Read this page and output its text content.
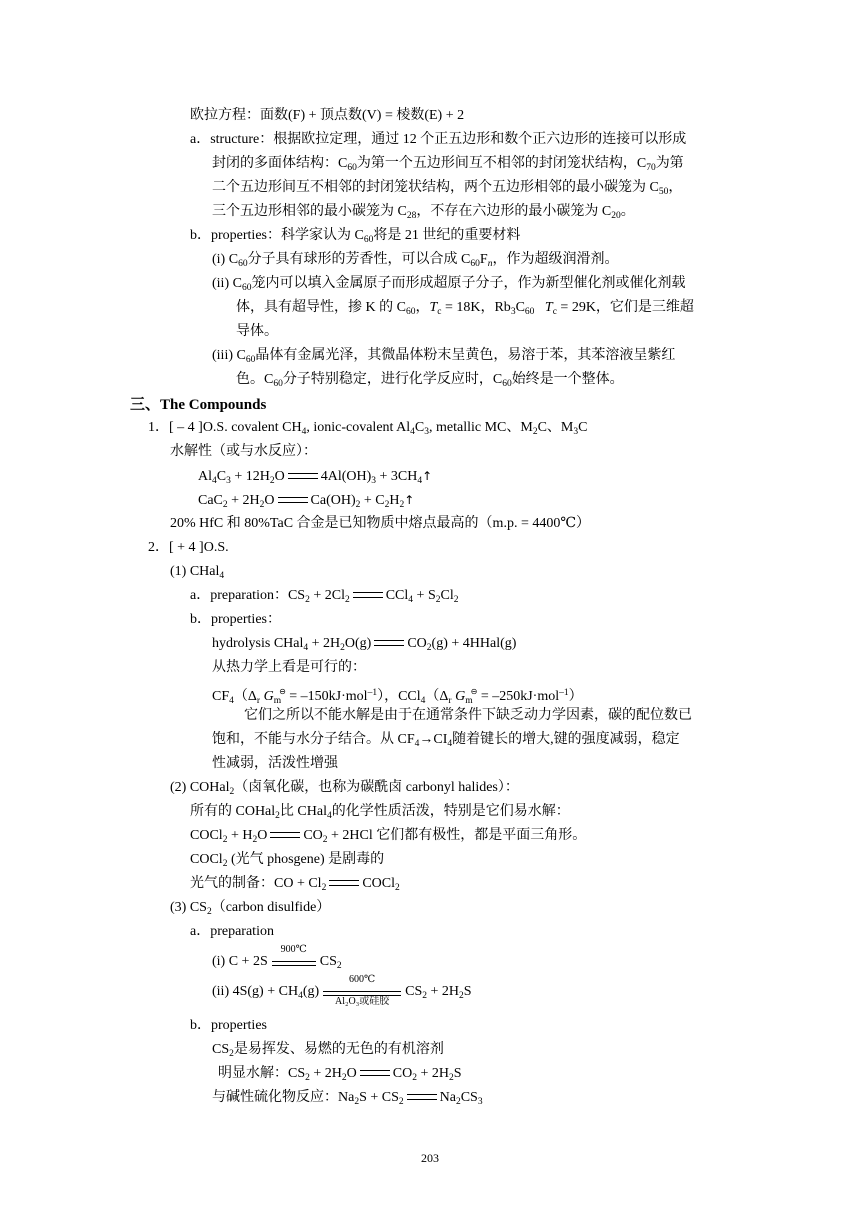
欧拉方程：面数(F) + 顶点数(V) = 棱数(E) + 2
a．structure：根据欧拉定理，通过 12 个正五边形和数个正六边形的连接可以形成
封闭的多面体结构：$C_{60}$为第一个五边形间互不相邻的封闭笼状结构，$C_{70}$为第
二个五边形间互不相邻的封闭笼状结构，两个五边形相邻的最小碳笼为 $C_{50}$，
三个五边形相邻的最小碳笼为 $C_{28}$，不存在六边形的最小碳笼为 $C_{20}$。
b．properties：科学家认为 $C_{60}$将是 21 世纪的重要材料
(i) $C_{60}$分子具有球形的芳香性，可以合成 $C_{60}F_n$，作为超级润滑剂。
(ii) $C_{60}$笼内可以填入金属原子而形成超原子分子，作为新型催化剂或催化剂载
体，具有超导性，掺 K 的 $C_{60}$，$T_c = 18K$，$Rb_3C_{60}$ $T_c = 29K$，它们是三维超
导体。
(iii) $C_{60}$晶体有金属光泽，其微晶体粉末呈黄色，易溶于苯，其苯溶液呈紫红
色。$C_{60}$分子特别稳定，进行化学反应时，$C_{60}$始终是一个整体。
三、The Compounds
1．[ – 4 ]O.S. covalent $CH_4$, ionic-covalent $Al_4C_3$, metallic MC、$M_2C$、$M_3C$
水解性（或与水反应）：
$Al_4C_3 + 12H_2O$	$4Al(OH)_3$ + $3CH_4↑$
$CaC_2 + 2H_2O$	$Ca(OH)_2$ + $C_2H_2↑$
20% HfC 和 80%TaC 合金是已知物质中熔点最高的（m.p. = 4400℃）
2．[ + 4 ]O.S.
(1) CHal$_4$
a．preparation：$CS_2 + 2Cl_2$	$CCl_4 + S_2Cl_2$
b．properties：
hydrolysis CHal$_4$ + $2H_2O(g)$	$CO_2(g)$ + 4HHal(g)
从热力学上看是可行的：
$CF_4(\Delta_r$ $G_m^⊖ = -150kJ\cdot mol^{-1}$），$CCl_4(\Delta_r$ $G_m^⊖ = -250kJ\cdot mol^{-1}$）
它们之所以不能水解是由于在通常条件下缺乏动力学因素，碳的配位数已
饱和，不能与水分子结合。从 $CF_4\to CI_4$随着键长的增大,键的强度减弱，稳定
性减弱，活泼性增强
(2) COHal$_2$（卤氧化碳，也称为碳酰卤 carbonyl halides）：
所有的 COHal$_2$比 CHal$_4$的化学性质活泼，特别是它们易水解：
COCl$_2$ + $H_2O$	$CO_2 + 2HCl$ 它们都有极性，都是平面三角形。
COCl$_2$ (光气 phosgene) 是剧毒的
光气的制备：CO + $Cl_2$	COCl$_2$
(3) $CS_2(carbon$ disulfide）
a．preparation
(i) C + 2S
900℃
$CS_2$
(ii) $4S(g) + CH_4(g)$
600℃
Al₂O₃或硅胶
$CS_2 + 2H_2S$
b．properties
$CS_2$是易挥发、易燃的无色的有机溶剂
明显水解：$CS_2 + 2H_2O$	$CO_2 + 2H_2S$
与碱性硫化物反应：$Na_2S + CS_2$	$Na_2CS_3$
203
